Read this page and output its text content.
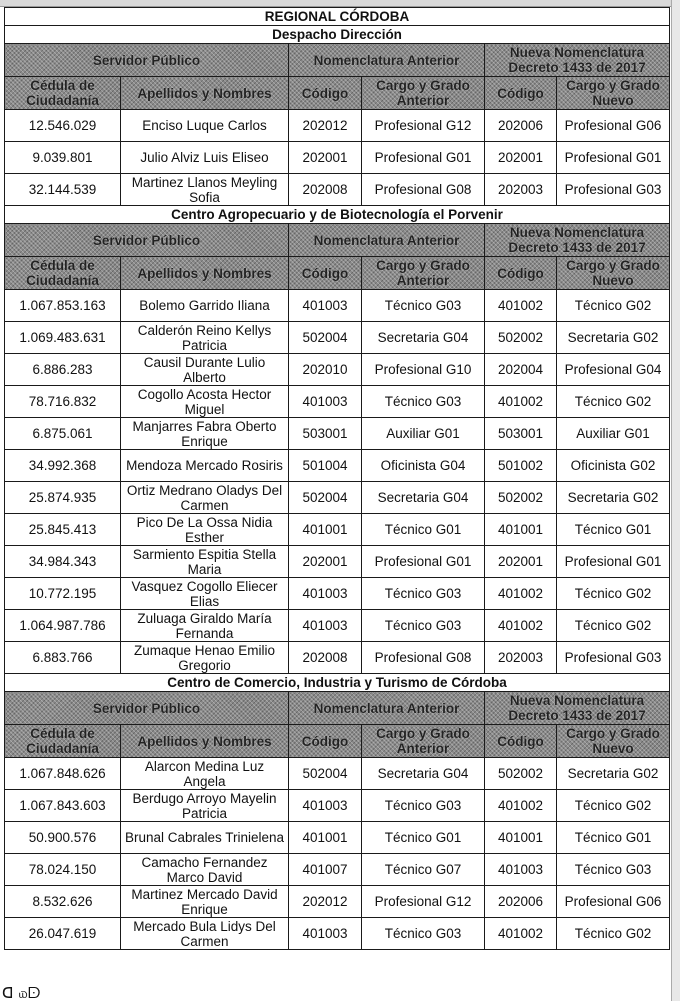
REGIONAL CÓRDOBA					
Despacho Dirección					
Servidor Público		Nomenclatura Anterior		Nueva Nomenclatura Decreto 1433 de 2017	
Cédula de Ciudadanía	Apellidos y Nombres	Código	Cargo y Grado Anterior	Código	Cargo y Grado Nuevo
12.546.029	Enciso Luque Carlos	202012	Profesional G12	202006	Profesional G06
9.039.801	Julio Alviz Luis Eliseo	202001	Profesional G01	202001	Profesional G01
32.144.539	Martinez Llanos Meyling Sofia	202008	Profesional G08	202003	Profesional G03
Centro Agropecuario y de Biotecnología el Porvenir					
Servidor Público		Nomenclatura Anterior		Nueva Nomenclatura Decreto 1433 de 2017	
Cédula de Ciudadanía	Apellidos y Nombres	Código	Cargo y Grado Anterior	Código	Cargo y Grado Nuevo
1.067.853.163	Bolemo Garrido Iliana	401003	Técnico G03	401002	Técnico G02
1.069.483.631	Calderón Reino Kellys Patricia	502004	Secretaria G04	502002	Secretaria G02
6.886.283	Causil Durante Lulio Alberto	202010	Profesional G10	202004	Profesional G04
78.716.832	Cogollo Acosta Hector Miguel	401003	Técnico G03	401002	Técnico G02
6.875.061	Manjarres Fabra Oberto Enrique	503001	Auxiliar G01	503001	Auxiliar G01
34.992.368	Mendoza Mercado Rosiris	501004	Oficinista G04	501002	Oficinista G02
25.874.935	Ortiz Medrano Oladys Del Carmen	502004	Secretaria G04	502002	Secretaria G02
25.845.413	Pico De La Ossa Nidia Esther	401001	Técnico G01	401001	Técnico G01
34.984.343	Sarmiento Espitia Stella Maria	202001	Profesional G01	202001	Profesional G01
10.772.195	Vasquez Cogollo Eliecer Elias	401003	Técnico G03	401002	Técnico G02
1.064.987.786	Zuluaga Giraldo María Fernanda	401003	Técnico G03	401002	Técnico G02
6.883.766	Zumaque Henao Emilio Gregorio	202008	Profesional G08	202003	Profesional G03
Centro de Comercio, Industria y Turismo de Córdoba					
Servidor Público		Nomenclatura Anterior		Nueva Nomenclatura Decreto 1433 de 2017	
Cédula de Ciudadanía	Apellidos y Nombres	Código	Cargo y Grado Anterior	Código	Cargo y Grado Nuevo
1.067.848.626	Alarcon Medina Luz Angela	502004	Secretaria G04	502002	Secretaria G02
1.067.843.603	Berdugo Arroyo Mayelin Patricia	401003	Técnico G03	401002	Técnico G02
50.900.576	Brunal Cabrales Trinielena	401001	Técnico G01	401001	Técnico G01
78.024.150	Camacho Fernandez Marco David	401007	Técnico G07	401003	Técnico G03
8.532.626	Martinez Mercado David Enrique	202012	Profesional G12	202006	Profesional G06
26.047.619	Mercado Bula Lidys Del Carmen	401003	Técnico G03	401002	Técnico G02
ᗡ ௰ᗠ
